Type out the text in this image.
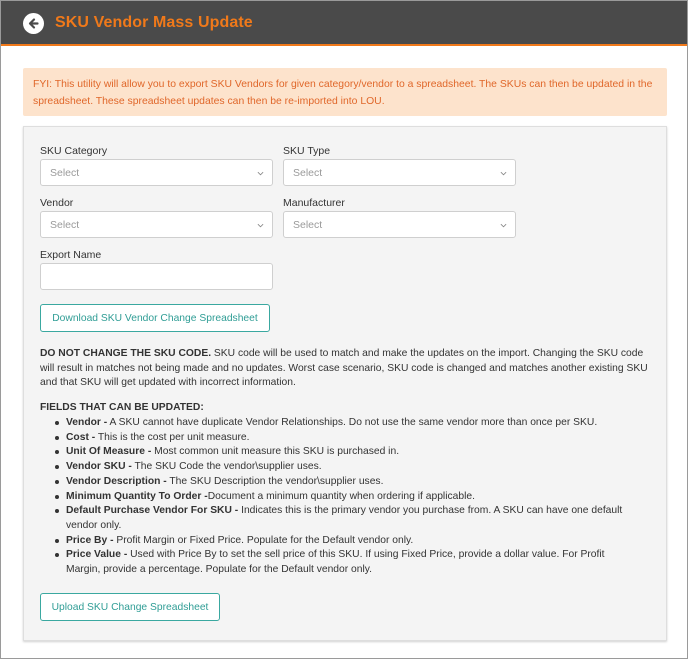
SKU Vendor Mass Update
FYI: This utility will allow you to export SKU Vendors for given category/vendor to a spreadsheet. The SKUs can then be updated in the spreadsheet. These spreadsheet updates can then be re-imported into LOU.
SKU Category
Select
SKU Type
Select
Vendor
Select
Manufacturer
Select
Export Name
Download SKU Vendor Change Spreadsheet
DO NOT CHANGE THE SKU CODE. SKU code will be used to match and make the updates on the import. Changing the SKU code will result in matches not being made and no updates. Worst case scenario, SKU code is changed and matches another existing SKU and that SKU will get updated with incorrect information.
FIELDS THAT CAN BE UPDATED:
Vendor - A SKU cannot have duplicate Vendor Relationships. Do not use the same vendor more than once per SKU.
Cost - This is the cost per unit measure.
Unit Of Measure - Most common unit measure this SKU is purchased in.
Vendor SKU - The SKU Code the vendor\supplier uses.
Vendor Description - The SKU Description the vendor\supplier uses.
Minimum Quantity To Order -Document a minimum quantity when ordering if applicable.
Default Purchase Vendor For SKU - Indicates this is the primary vendor you purchase from. A SKU can have one default vendor only.
Price By - Profit Margin or Fixed Price. Populate for the Default vendor only.
Price Value - Used with Price By to set the sell price of this SKU. If using Fixed Price, provide a dollar value. For Profit Margin, provide a percentage. Populate for the Default vendor only.
Upload SKU Change Spreadsheet
